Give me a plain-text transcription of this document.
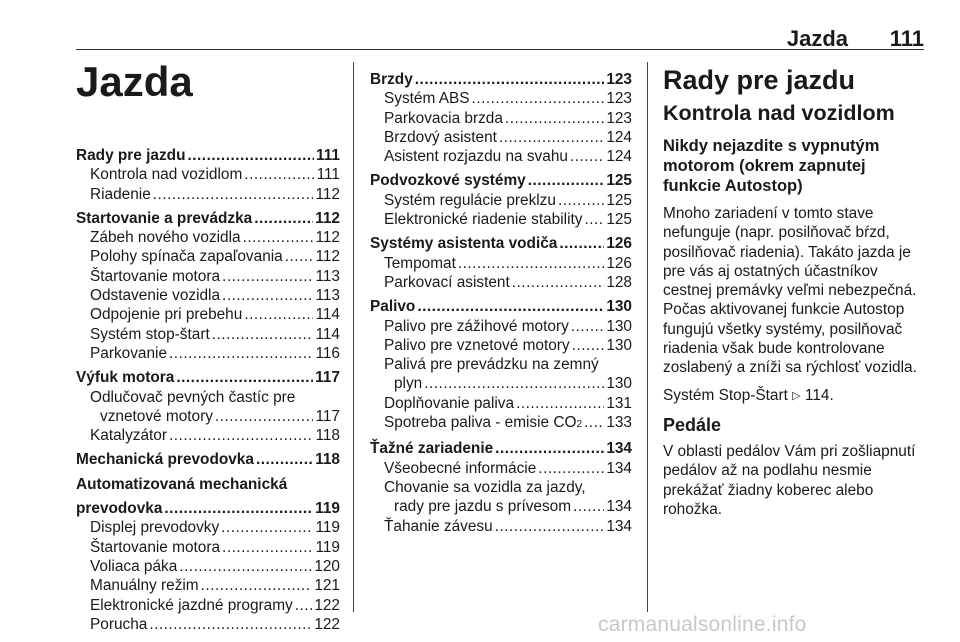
Jazda 111
Jazda
Rady pre jazdu .....	111
Kontrola nad vozidlom .....	111
Riadenie .....	112
Startovanie a prevádzka .....	112
Zábeh nového vozidla .....	112
Polohy spínača zapaľovania ..... 112
Štartovanie motora .....	113
Odstavenie vozidla .....	113
Odpojenie pri prebehu .....	114
Systém stop-štart .....	114
Parkovanie .....	116
Výfuk motora .....	117
Odlučovač pevných častíc pre
vznetové motory .....	117
Katalyzátor .....	118
Mechanická prevodovka .....	118
Automatizovaná mechanická
prevodovka .....	119
Displej prevodovky .....	119
Štartovanie motora .....	119
Voliaca páka .....	120
Manuálny režim .....	121
Elektronické jazdné programy ..... 122
Porucha .....	122
Brzdy .....	123
Systém ABS .....	123
Parkovacia brzda .....	123
Brzdový asistent .....	124
Asistent rozjazdu na svahu ..... 124
Podvozkové systémy .....	125
Systém regulácie preklzu .....	125
Elektronické riadenie stability ..... 125
Systémy asistenta vodiča .....	126
Tempomat .....	126
Parkovací asistent .....	128
Palivo .....	130
Palivo pre zážihové motory ..... 130
Palivo pre vznetové motory ..... 130
Palivá pre prevádzku na zemný
plyn .....	130
Doplňovanie paliva .....	131
Spotreba paliva - emisie CO 2 ..... 133
Ťažné zariadenie .....	134
Všeobecné informácie .....	134
Chovanie sa vozidla za jazdy,
rady pre jazdu s prívesom ..... 134
Ťahanie závesu .....	134
Rady pre jazdu
Kontrola nad vozidlom
Nikdy nejazdite s vypnutým motorom (okrem zapnutej funkcie Autostop)

Mnoho zariadení v tomto stave nefunguje (napr. posilňovač bŕzd, posilňovač riadenia). Takáto jazda je pre vás aj ostatných účastníkov cestnej premávky veľmi nebezpečná. Počas aktivovanej funkcie Autostop fungujú všetky systémy, posilňovač riadenia však bude kontrolovane zoslabený a zníži sa rýchlosť vozidla.

Systém Stop-Štart ▷ 114.

Pedále

V oblasti pedálov Vám pri zošliapnutí pedálov až na podlahu nesmie prekážať žiadny koberec alebo rohožka.

carmanualsonline.info
